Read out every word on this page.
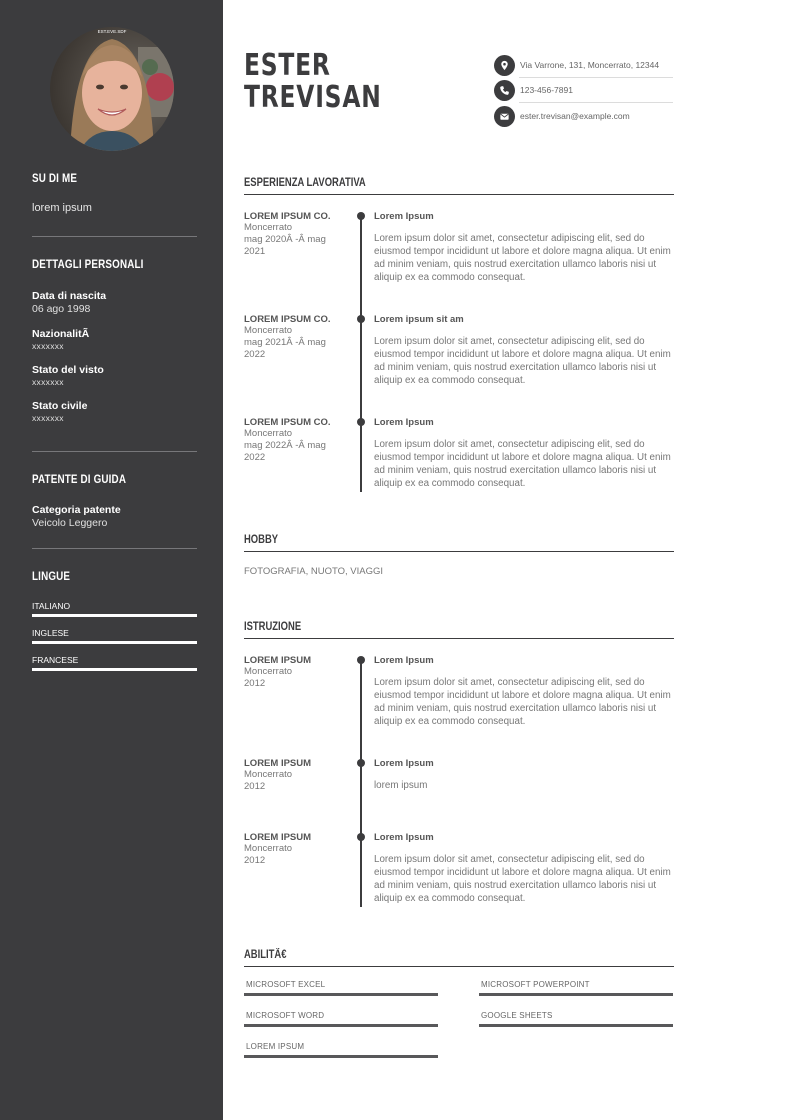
EST.EVE.SDF
SU DI ME
lorem ipsum
DETTAGLI PERSONALI
Data di nascita
06 ago 1998
NazionalitÃ
xxxxxxx
Stato del visto
xxxxxxx
Stato civile
xxxxxxx
PATENTE DI GUIDA
Categoria patente
Veicolo Leggero
LINGUE
ITALIANO
INGLESE
FRANCESE
ESTER
TREVISAN
Via Varrone, 131, Moncerrato, 12344
123-456-7891
ester.trevisan@example.com
ESPERIENZA LAVORATIVA
LOREM IPSUM CO.
Moncerrato
mag 2020Â -Â mag
2021
Lorem Ipsum
Lorem ipsum dolor sit amet, consectetur adipiscing elit, sed do eiusmod tempor incididunt ut labore et dolore magna aliqua. Ut enim ad minim veniam, quis nostrud exercitation ullamco laboris nisi ut aliquip ex ea commodo consequat.
LOREM IPSUM CO.
Moncerrato
mag 2021Â -Â mag
2022
Lorem ipsum sit am
Lorem ipsum dolor sit amet, consectetur adipiscing elit, sed do eiusmod tempor incididunt ut labore et dolore magna aliqua. Ut enim ad minim veniam, quis nostrud exercitation ullamco laboris nisi ut aliquip ex ea commodo consequat.
LOREM IPSUM CO.
Moncerrato
mag 2022Â -Â mag
2022
Lorem Ipsum
Lorem ipsum dolor sit amet, consectetur adipiscing elit, sed do eiusmod tempor incididunt ut labore et dolore magna aliqua. Ut enim ad minim veniam, quis nostrud exercitation ullamco laboris nisi ut aliquip ex ea commodo consequat.
HOBBY
FOTOGRAFIA, NUOTO, VIAGGI
ISTRUZIONE
LOREM IPSUM
Moncerrato
2012
Lorem Ipsum
Lorem ipsum dolor sit amet, consectetur adipiscing elit, sed do eiusmod tempor incididunt ut labore et dolore magna aliqua. Ut enim ad minim veniam, quis nostrud exercitation ullamco laboris nisi ut aliquip ex ea commodo consequat.
LOREM IPSUM
Moncerrato
2012
Lorem Ipsum
lorem ipsum
LOREM IPSUM
Moncerrato
2012
Lorem Ipsum
Lorem ipsum dolor sit amet, consectetur adipiscing elit, sed do eiusmod tempor incididunt ut labore et dolore magna aliqua. Ut enim ad minim veniam, quis nostrud exercitation ullamco laboris nisi ut aliquip ex ea commodo consequat.
ABILITÃ€
MICROSOFT EXCEL	MICROSOFT POWERPOINT
MICROSOFT WORD	GOOGLE SHEETS
LOREM IPSUM
